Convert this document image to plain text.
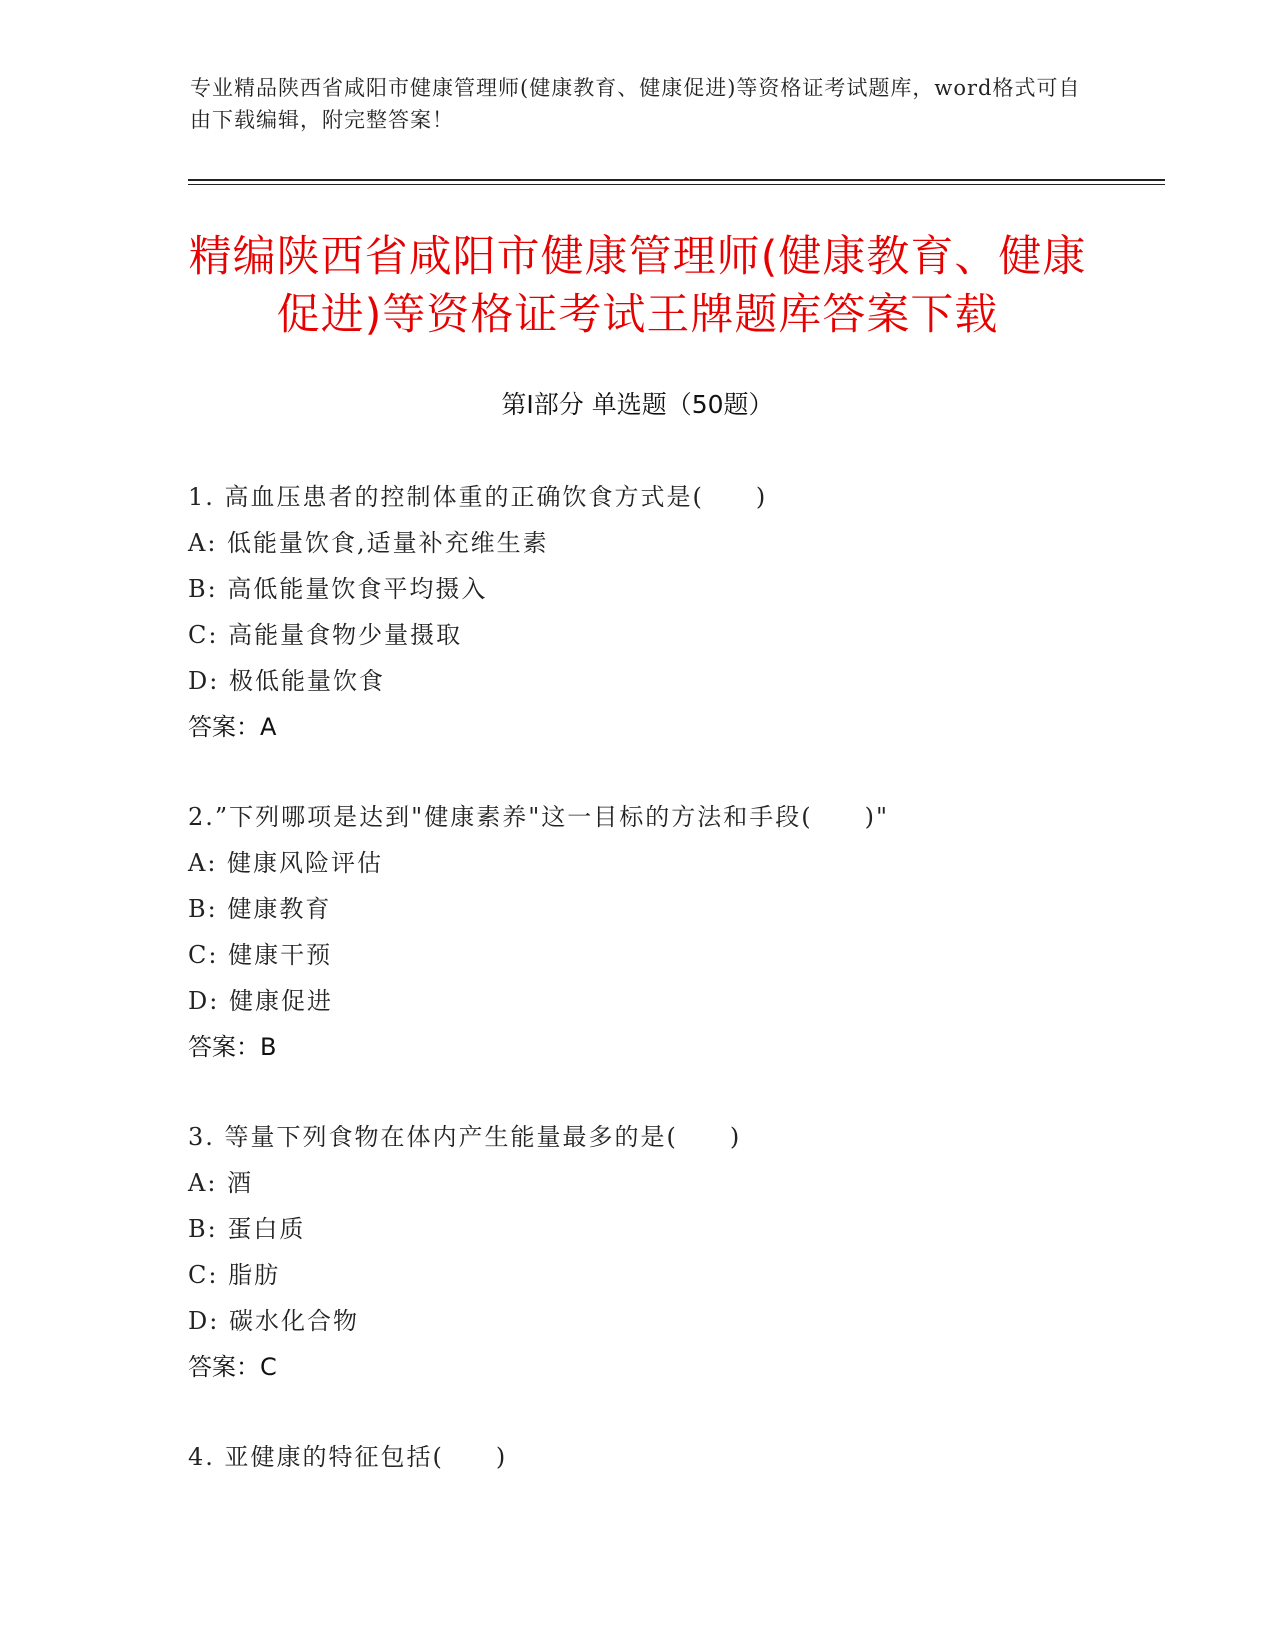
专业精品陕西省咸阳市健康管理师(健康教育、健康促进)等资格证考试题库，word格式可自由下载编辑，附完整答案！
精编陕西省咸阳市健康管理师(健康教育、健康促进)等资格证考试王牌题库答案下载
第Ⅰ部分 单选题（50题）
1. 高血压患者的控制体重的正确饮食方式是(　　)
A: 低能量饮食,适量补充维生素
B: 高低能量饮食平均摄入
C: 高能量食物少量摄取
D: 极低能量饮食
答案：A
2.”下列哪项是达到"健康素养"这一目标的方法和手段(　　)"
A: 健康风险评估
B: 健康教育
C: 健康干预
D: 健康促进
答案：B
3. 等量下列食物在体内产生能量最多的是(　　)
A: 酒
B: 蛋白质
C: 脂肪
D: 碳水化合物
答案：C
4. 亚健康的特征包括(　　)
